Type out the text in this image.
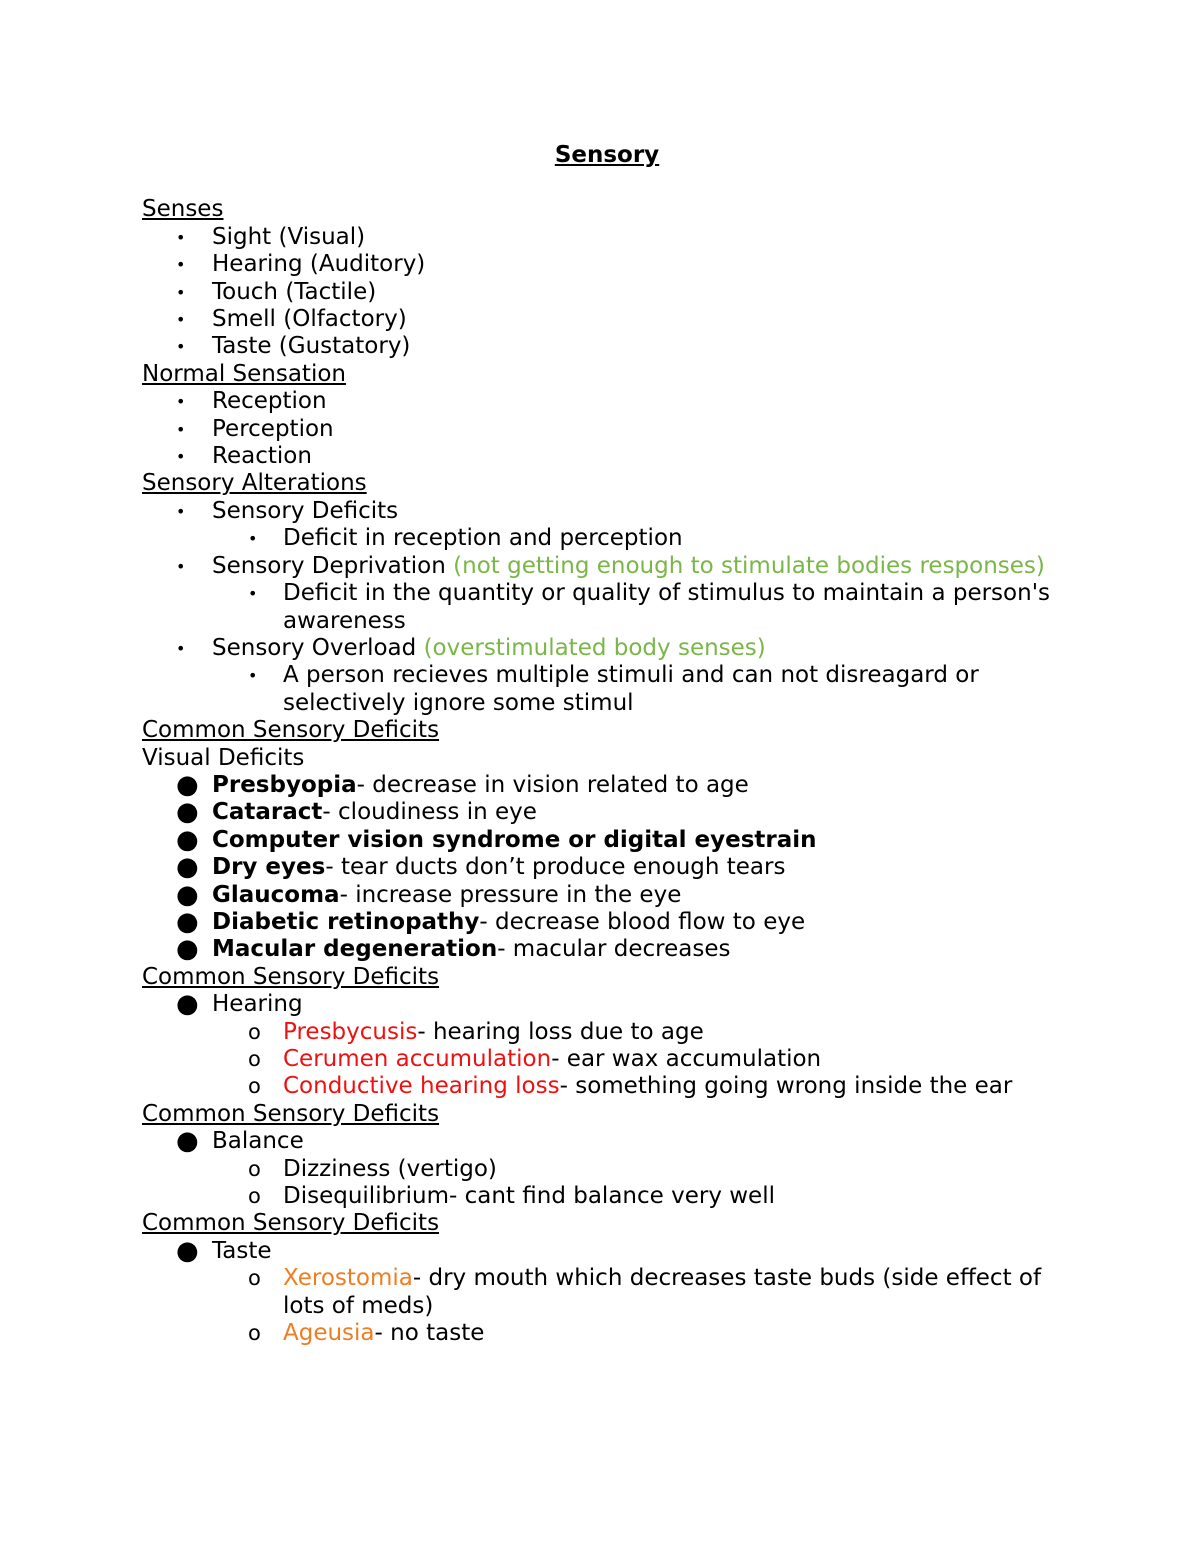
Sensory
Senses
• Sight (Visual)
• Hearing (Auditory)
• Touch (Tactile)
• Smell (Olfactory)
• Taste (Gustatory)
Normal Sensation
• Reception
• Perception
• Reaction
Sensory Alterations
• Sensory Deficits
• Deficit in reception and perception
• Sensory Deprivation (not getting enough to stimulate bodies responses)
• Deficit in the quantity or quality of stimulus to maintain a person's awareness
• Sensory Overload (overstimulated body senses)
• A person recieves multiple stimuli and can not disreagard or selectively ignore some stimul
Common Sensory Deficits
Visual Deficits
● Presbyopia- decrease in vision related to age
● Cataract- cloudiness in eye
● Computer vision syndrome or digital eyestrain
● Dry eyes- tear ducts don’t produce enough tears
● Glaucoma- increase pressure in the eye
● Diabetic retinopathy- decrease blood flow to eye
● Macular degeneration- macular decreases
Common Sensory Deficits
● Hearing
o Presbycusis- hearing loss due to age
o Cerumen accumulation- ear wax accumulation
o Conductive hearing loss- something going wrong inside the ear
Common Sensory Deficits
● Balance
o Dizziness (vertigo)
o Disequilibrium- cant find balance very well
Common Sensory Deficits
● Taste
o Xerostomia- dry mouth which decreases taste buds (side effect of lots of meds)
o Ageusia- no taste
